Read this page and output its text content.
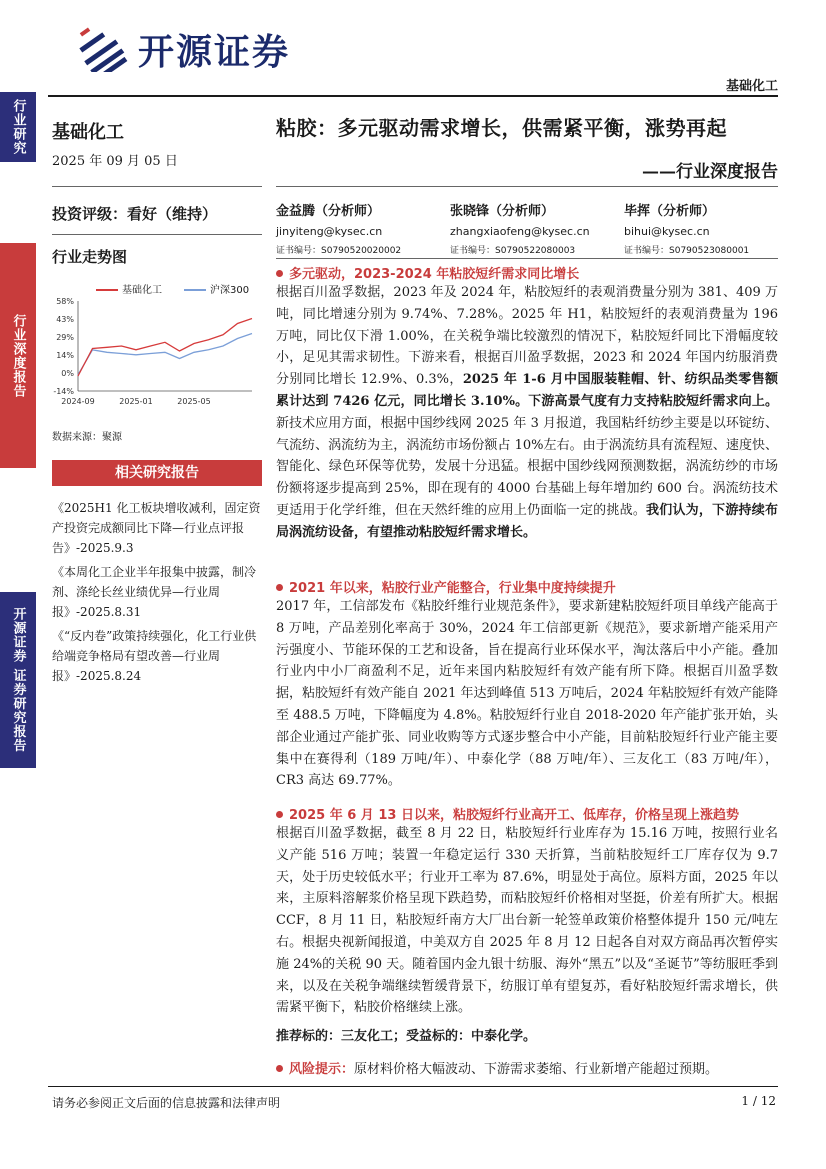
开源证券
基础化工
行业研究
行业深度报告
开源证券 证券研究报告
基础化工
2025 年 09 月 05 日
投资评级：看好（维持）
行业走势图
基础化工	沪深300
58%
43%
29%
14%
0%
-14%
2024-09	2025-01	2025-05
数据来源：聚源
相关研究报告
《2025H1 化工板块增收减利，固定资产投资完成额同比下降—行业点评报告》-2025.9.3
《本周化工企业半年报集中披露，制冷剂、涤纶长丝业绩优异—行业周报》-2025.8.31
《“反内卷”政策持续强化，化工行业供给端竞争格局有望改善—行业周报》-2025.8.24
粘胶：多元驱动需求增长，供需紧平衡，涨势再起
——行业深度报告
金益腾（分析师）
jinyiteng@kysec.cn
证书编号：S0790520020002
张晓锋（分析师）
zhangxiaofeng@kysec.cn
证书编号：S0790522080003
毕挥（分析师）
bihui@kysec.cn
证书编号：S0790523080001
多元驱动，2023-2024 年粘胶短纤需求同比增长
根据百川盈孚数据，2023 年及 2024 年，粘胶短纤的表观消费量分别为 381、409 万吨，同比增速分别为 9.74%、7.28%。2025 年 H1，粘胶短纤的表观消费量为 196 万吨，同比仅下滑 1.00%，在关税争端比较激烈的情况下，粘胶短纤同比下滑幅度较小，足见其需求韧性。下游来看，根据百川盈孚数据，2023 和 2024 年国内纺服消费分别同比增长 12.9%、0.3%，2025 年 1-6 月中国服装鞋帽、针、纺织品类零售额累计达到 7426 亿元，同比增长 3.10%。下游高景气度有力支持粘胶短纤需求向上。新技术应用方面，根据中国纱线网 2025 年 3 月报道，我国粘纤纺纱主要是以环锭纺、气流纺、涡流纺为主，涡流纺市场份额占 10%左右。由于涡流纺具有流程短、速度快、智能化、绿色环保等优势，发展十分迅猛。根据中国纱线网预测数据，涡流纺纱的市场份额将逐步提高到 25%，即在现有的 4000 台基础上每年增加约 600 台。涡流纺技术更适用于化学纤维，但在天然纤维的应用上仍面临一定的挑战。我们认为，下游持续布局涡流纺设备，有望推动粘胶短纤需求增长。
2021 年以来，粘胶行业产能整合，行业集中度持续提升
2017 年，工信部发布《粘胶纤维行业规范条件》，要求新建粘胶短纤项目单线产能高于 8 万吨，产品差别化率高于 30%，2024 年工信部更新《规范》，要求新增产能采用产污强度小、节能环保的工艺和设备，旨在提高行业环保水平，淘汰落后中小产能。叠加行业内中小厂商盈利不足，近年来国内粘胶短纤有效产能有所下降。根据百川盈孚数据，粘胶短纤有效产能自 2021 年达到峰值 513 万吨后，2024 年粘胶短纤有效产能降至 488.5 万吨，下降幅度为 4.8%。粘胶短纤行业自 2018-2020 年产能扩张开始，头部企业通过产能扩张、同业收购等方式逐步整合中小产能，目前粘胶短纤行业产能主要集中在赛得利（189 万吨/年）、中泰化学（88 万吨/年）、三友化工（83 万吨/年），CR3 高达 69.77%。
2025 年 6 月 13 日以来，粘胶短纤行业高开工、低库存，价格呈现上涨趋势
根据百川盈孚数据，截至 8 月 22 日，粘胶短纤行业库存为 15.16 万吨，按照行业名义产能 516 万吨；装置一年稳定运行 330 天折算，当前粘胶短纤工厂库存仅为 9.7 天，处于历史较低水平；行业开工率为 87.6%，明显处于高位。原料方面，2025 年以来，主原料溶解浆价格呈现下跌趋势，而粘胶短纤价格相对坚挺，价差有所扩大。根据 CCF，8 月 11 日，粘胶短纤南方大厂出台新一轮签单政策价格整体提升 150 元/吨左右。根据央视新闻报道，中美双方自 2025 年 8 月 12 日起各自对双方商品再次暂停实施 24%的关税 90 天。随着国内金九银十纺服、海外“黑五”以及“圣诞节”等纺服旺季到来，以及在关税争端继续暂缓背景下，纺服订单有望复苏，看好粘胶短纤需求增长，供需紧平衡下，粘胶价格继续上涨。
推荐标的：三友化工；受益标的：中泰化学。
风险提示：原材料价格大幅波动、下游需求萎缩、行业新增产能超过预期。
请务必参阅正文后面的信息披露和法律声明	1 / 12
